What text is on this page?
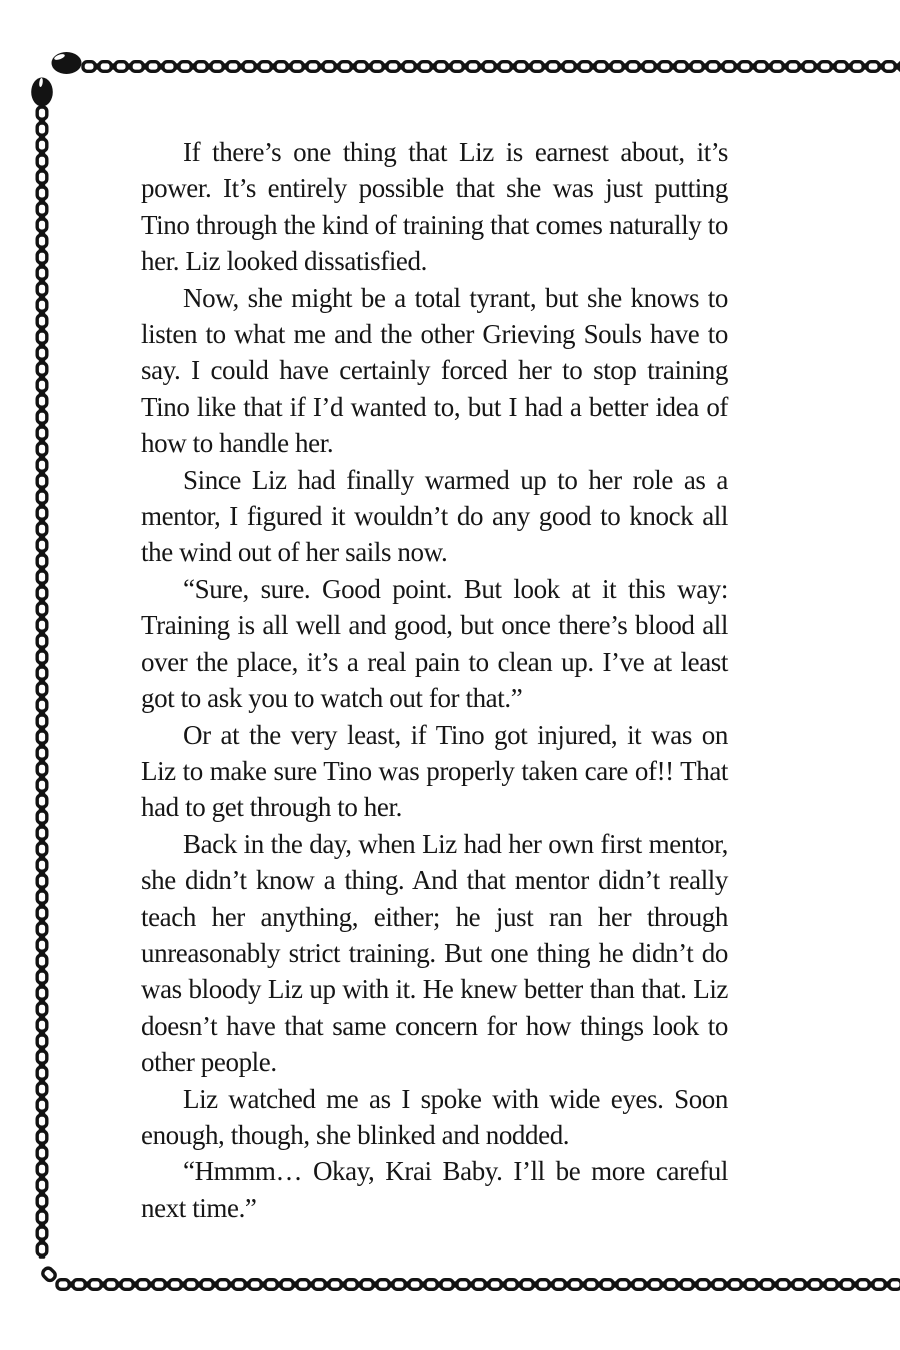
If there’s one thing that Liz is earnest about, it’s power. It’s entirely possible that she was just putting Tino through the kind of training that comes naturally to her. Liz looked dissatisfied.

Now, she might be a total tyrant, but she knows to listen to what me and the other Grieving Souls have to say. I could have certainly forced her to stop training Tino like that if I’d wanted to, but I had a better idea of how to handle her.

Since Liz had finally warmed up to her role as a mentor, I figured it wouldn’t do any good to knock all the wind out of her sails now.

“Sure, sure. Good point. But look at it this way: Training is all well and good, but once there’s blood all over the place, it’s a real pain to clean up. I’ve at least got to ask you to watch out for that.”

Or at the very least, if Tino got injured, it was on Liz to make sure Tino was properly taken care of!! That had to get through to her.

Back in the day, when Liz had her own first mentor, she didn’t know a thing. And that mentor didn’t really teach her anything, either; he just ran her through unreasonably strict training. But one thing he didn’t do was bloody Liz up with it. He knew better than that. Liz doesn’t have that same concern for how things look to other people.

Liz watched me as I spoke with wide eyes. Soon enough, though, she blinked and nodded.

“Hmmm… Okay, Krai Baby. I’ll be more careful next time.”
